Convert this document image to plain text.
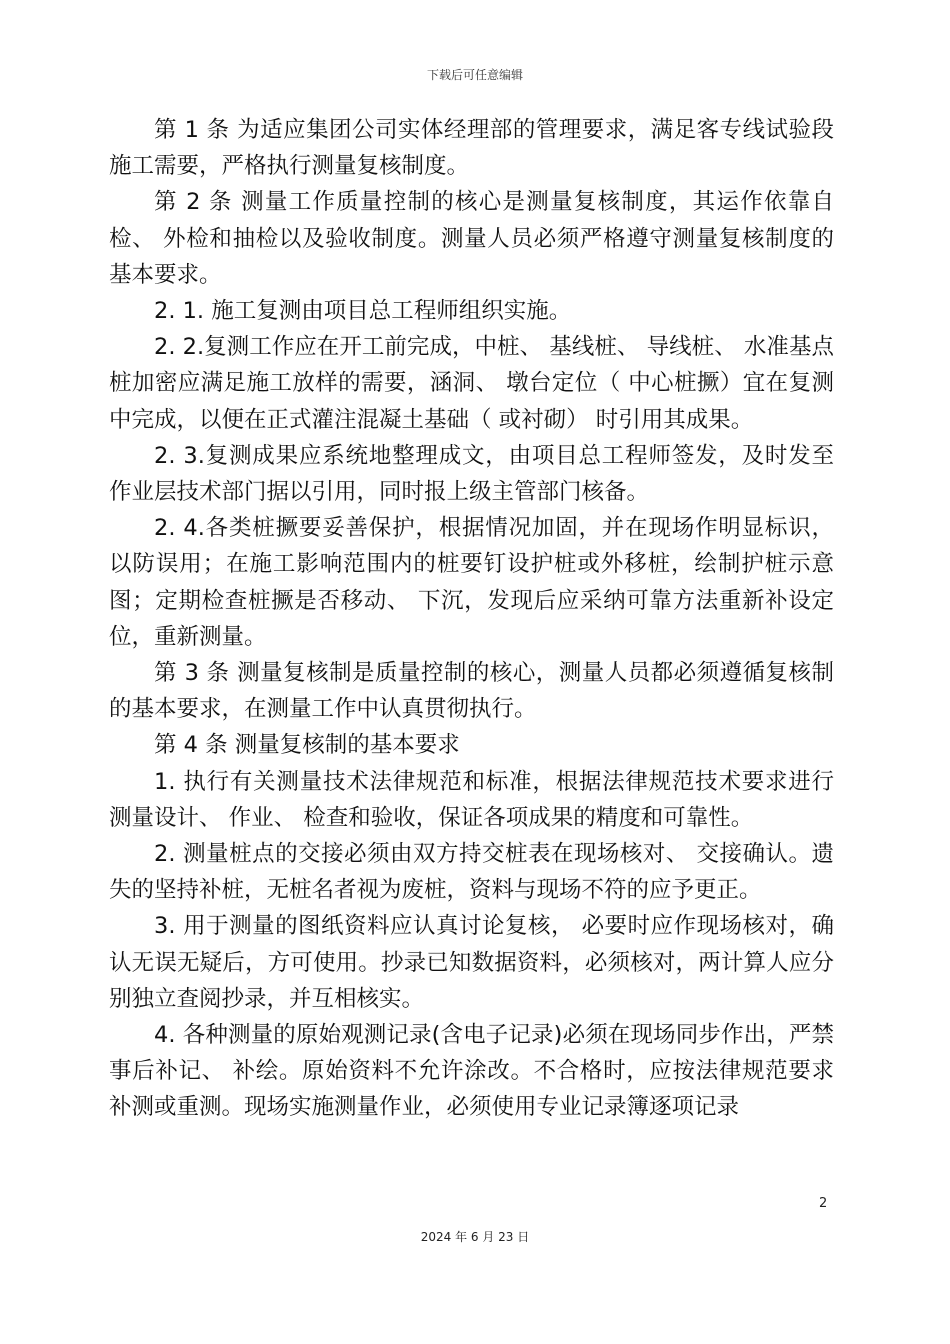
下载后可任意编辑

第 1 条 为适应集团公司实体经理部的管理要求，满足客专线试验段施工需要，严格执行测量复核制度。

第 2 条 测量工作质量控制的核心是测量复核制度，其运作依靠自检、 外检和抽检以及验收制度。测量人员必须严格遵守测量复核制度的基本要求。

2. 1. 施工复测由项目总工程师组织实施。

2. 2.复测工作应在开工前完成，中桩、 基线桩、 导线桩、 水准基点桩加密应满足施工放样的需要，涵洞、 墩台定位（ 中心桩撅）宜在复测中完成，以便在正式灌注混凝土基础（ 或衬砌） 时引用其成果。

2. 3.复测成果应系统地整理成文，由项目总工程师签发，及时发至作业层技术部门据以引用，同时报上级主管部门核备。

2. 4.各类桩撅要妥善保护，根据情况加固，并在现场作明显标识， 以防误用；在施工影响范围内的桩要钉设护桩或外移桩，绘制护桩示意图；定期检查桩撅是否移动、 下沉，发现后应采纳可靠方法重新补设定位，重新测量。

第 3 条 测量复核制是质量控制的核心，测量人员都必须遵循复核制的基本要求，在测量工作中认真贯彻执行。

第 4 条 测量复核制的基本要求

1. 执行有关测量技术法律规范和标准，根据法律规范技术要求进行测量设计、 作业、 检查和验收，保证各项成果的精度和可靠性。

2. 测量桩点的交接必须由双方持交桩表在现场核对、 交接确认。遗失的坚持补桩，无桩名者视为废桩，资料与现场不符的应予更正。

3. 用于测量的图纸资料应认真讨论复核， 必要时应作现场核对，确认无误无疑后，方可使用。抄录已知数据资料，必须核对，两计算人应分别独立查阅抄录，并互相核实。

4. 各种测量的原始观测记录(含电子记录)必须在现场同步作出，严禁事后补记、 补绘。原始资料不允许涂改。不合格时，应按法律规范要求补测或重测。现场实施测量作业，必须使用专业记录簿逐项记录

2
2024 年 6 月 23 日
